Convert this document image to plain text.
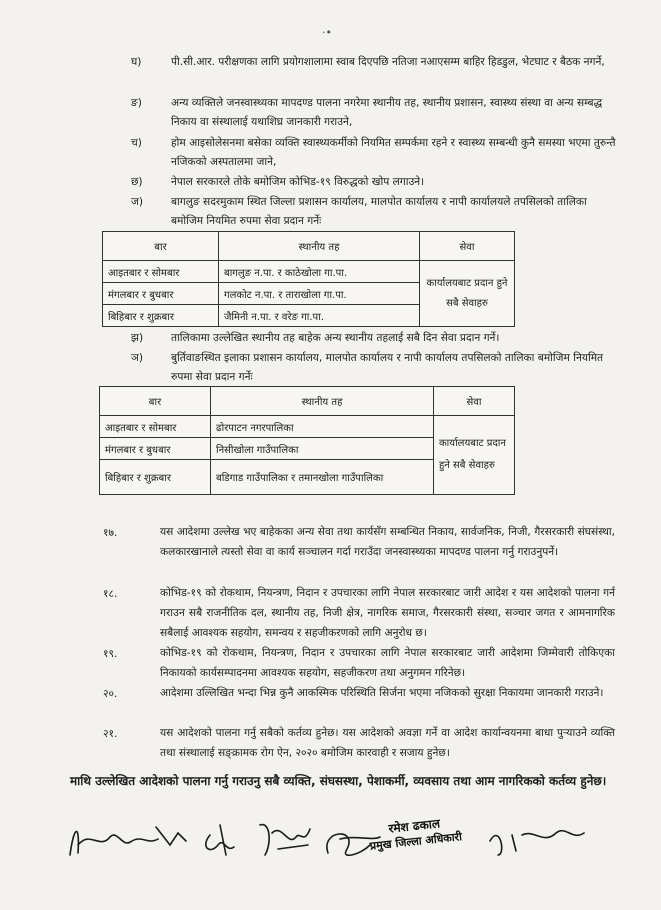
·•
घ)	पी.सी.आर. परीक्षणका लागि प्रयोगशालामा स्वाब दिएपछि नतिजा नआएसम्म बाहिर हिडडुल, भेटघाट र बैठक नगर्ने,
ङ)	अन्य व्यक्तिले जनस्वास्थ्यका मापदण्ड पालना नगरेमा स्थानीय तह, स्थानीय प्रशासन, स्वास्थ्य संस्था वा अन्य सम्बद्ध निकाय वा संस्थालाई यथाशिघ्र जानकारी गराउने,
च)	होम आइसोलेसनमा बसेका व्यक्ति स्वास्थ्यकर्मीको नियमित सम्पर्कमा रहने र स्वास्थ्य सम्बन्धी कुनै समस्या भएमा तुरुन्तै नजिकको अस्पतालमा जाने,
छ)	नेपाल सरकारले तोके बमोजिम कोभिड-१९ विरुद्धको खोप लगाउने।
ज)	बागलुङ सदरमुकाम स्थित जिल्ला प्रशासन कार्यालय, मालपोत कार्यालय र नापी कार्यालयले तपसिलको तालिका बमोजिम नियमित रुपमा सेवा प्रदान गर्नेः
बार	स्थानीय तह	सेवा
आइतबार र सोमबार	बागलुङ न.पा. र काठेखोला गा.पा.	कार्यालयबाट प्रदान हुने सबै सेवाहरु
मंगलबार र बुधबार	गलकोट न.पा. र ताराखोला गा.पा.	
बिहिबार र शुक्रबार	जैमिनी न.पा. र वरेङ गा.पा.	
झ)	तालिकामा उल्लेखित स्थानीय तह बाहेक अन्य स्थानीय तहलाई सबै दिन सेवा प्रदान गर्ने।
ञ)	बुर्तिवाङस्थित इलाका प्रशासन कार्यालय, मालपोत कार्यालय र नापी कार्यालय तपसिलको तालिका बमोजिम नियमित रुपमा सेवा प्रदान गर्नेः
बार	स्थानीय तह	सेवा
आइतबार र सोमबार	ढोरपाटन नगरपालिका	कार्यालयबाट प्रदान हुने सबै सेवाहरु
मंगलबार र बुधबार	निसीखोला गाउँपालिका	
बिहिबार र शुक्रबार	बडिगाड गाउँपालिका र तमानखोला गाउँपालिका	
१७.	यस आदेशमा उल्लेख भए बाहेकका अन्य सेवा तथा कार्यसँग सम्बन्धित निकाय, सार्वजनिक, निजी, गैरसरकारी संघसंस्था, कलकारखानाले त्यस्तो सेवा वा कार्य सञ्चालन गर्दा गराउँदा जनस्वास्थ्यका मापदण्ड पालना गर्नु गराउनुपर्ने।
१८.	कोभिड-१९ को रोकथाम, नियन्त्रण, निदान र उपचारका लागि नेपाल सरकारबाट जारी आदेश र यस आदेशको पालना गर्न गराउन सबै राजनीतिक दल, स्थानीय तह, निजी क्षेत्र, नागरिक समाज, गैरसरकारी संस्था, सञ्चार जगत र आमनागरिक सबैलाई आवश्यक सहयोग, समन्वय र सहजीकरणको लागि अनुरोध छ।
१९.	कोभिड-१९ को रोकथाम, नियन्त्रण, निदान र उपचारका लागि नेपाल सरकारबाट जारी आदेशमा जिम्मेवारी तोकिएका निकायको कार्यसम्पादनमा आवश्यक सहयोग, सहजीकरण तथा अनुगमन गरिनेछ।
२०.	आदेशमा उल्लिखित भन्दा भिन्न कुनै आकस्मिक परिस्थिति सिर्जना भएमा नजिकको सुरक्षा निकायमा जानकारी गराउने।
२१.	यस आदेशको पालना गर्नु सबैको कर्तव्य हुनेछ। यस आदेशको अवज्ञा गर्ने वा आदेश कार्यान्वयनमा बाधा पुऱ्याउने व्यक्ति तथा संस्थालाई सङ्क्रामक रोग ऐन, २०२० बमोजिम कारवाही र सजाय हुनेछ।
माथि उल्लेखित आदेशको पालना गर्नु गराउनु सबै व्यक्ति, संघसस्था, पेशाकर्मी, व्यवसाय तथा आम नागरिकको कर्तव्य हुनेछ।
रमेश ढकाल
प्रमुख जिल्ला अधिकारी
